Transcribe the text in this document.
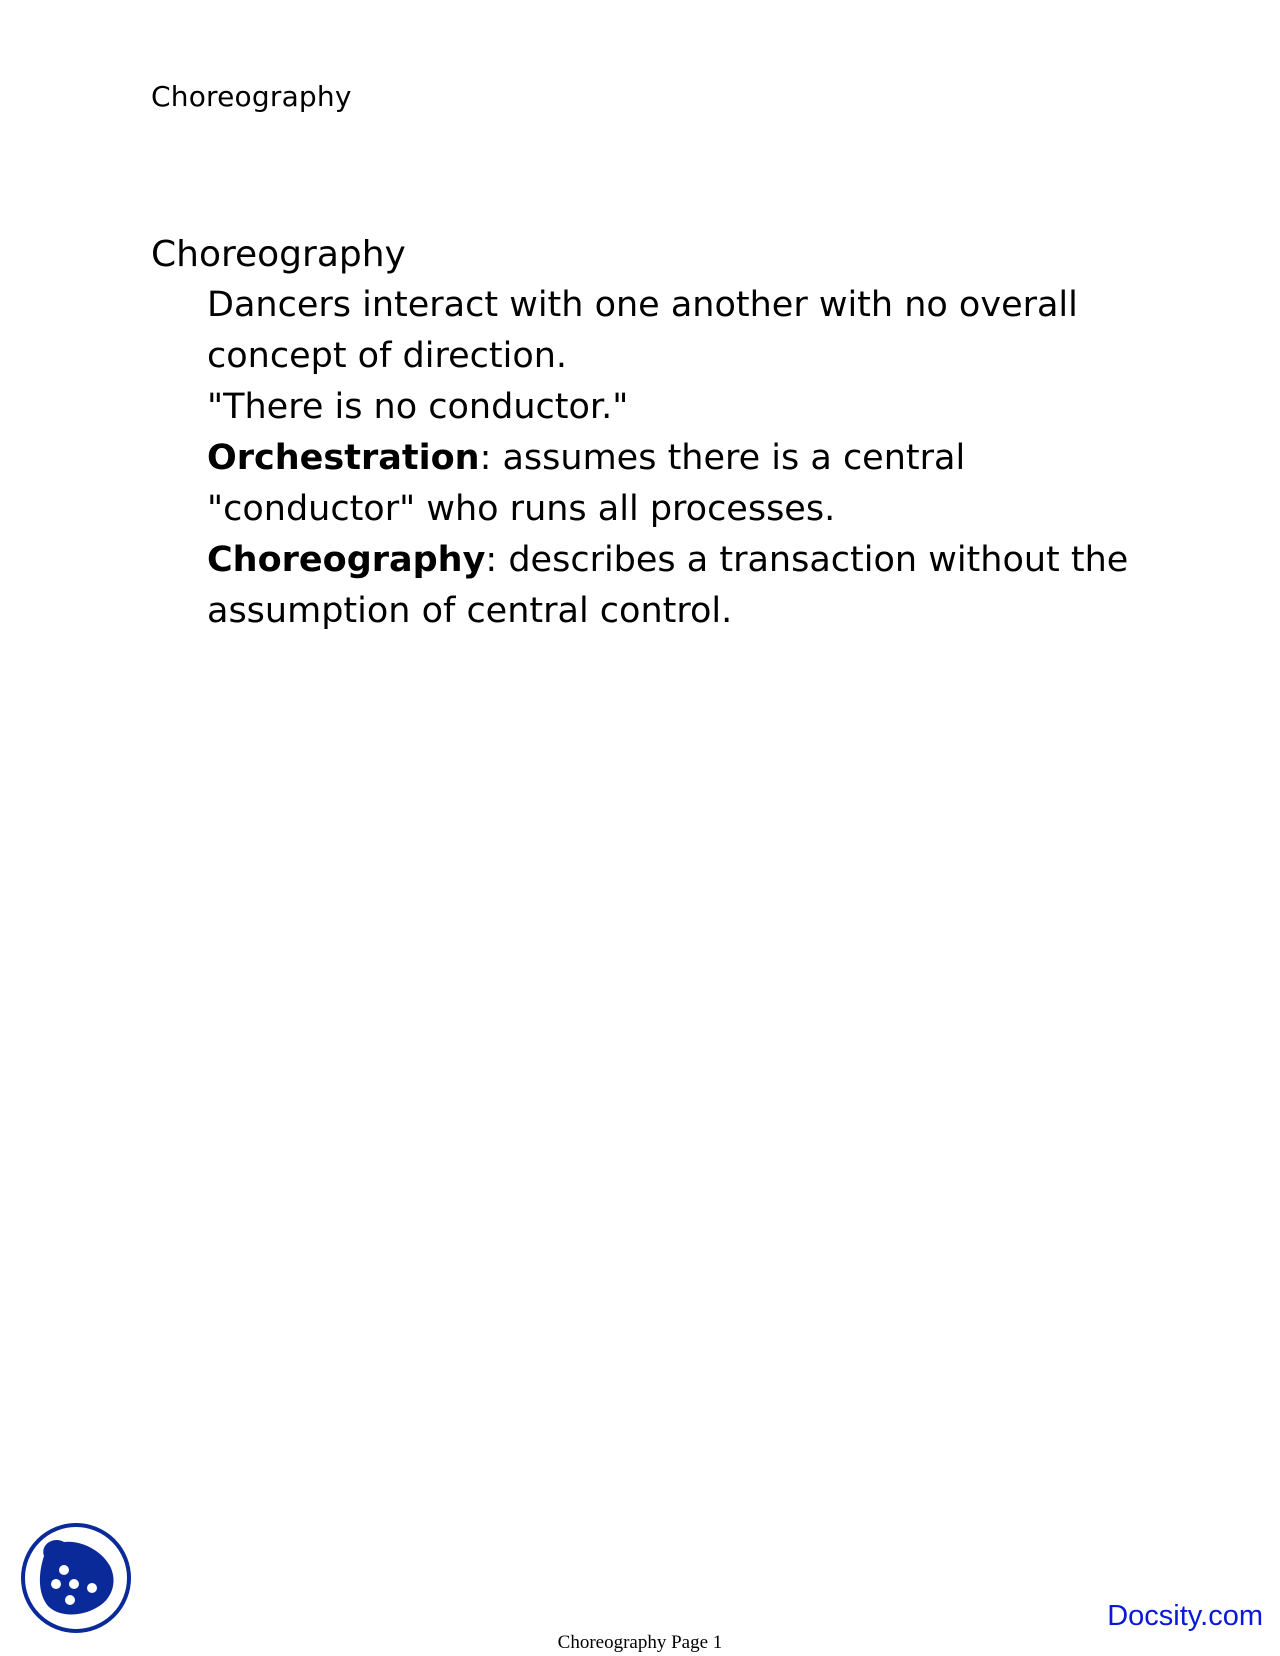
Choreography
Choreography
Dancers interact with one another with no overall concept of direction.
"There is no conductor."
Orchestration: assumes there is a central "conductor" who runs all processes.
Choreography: describes a transaction without the assumption of central control.
Docsity.com
Choreography Page 1
